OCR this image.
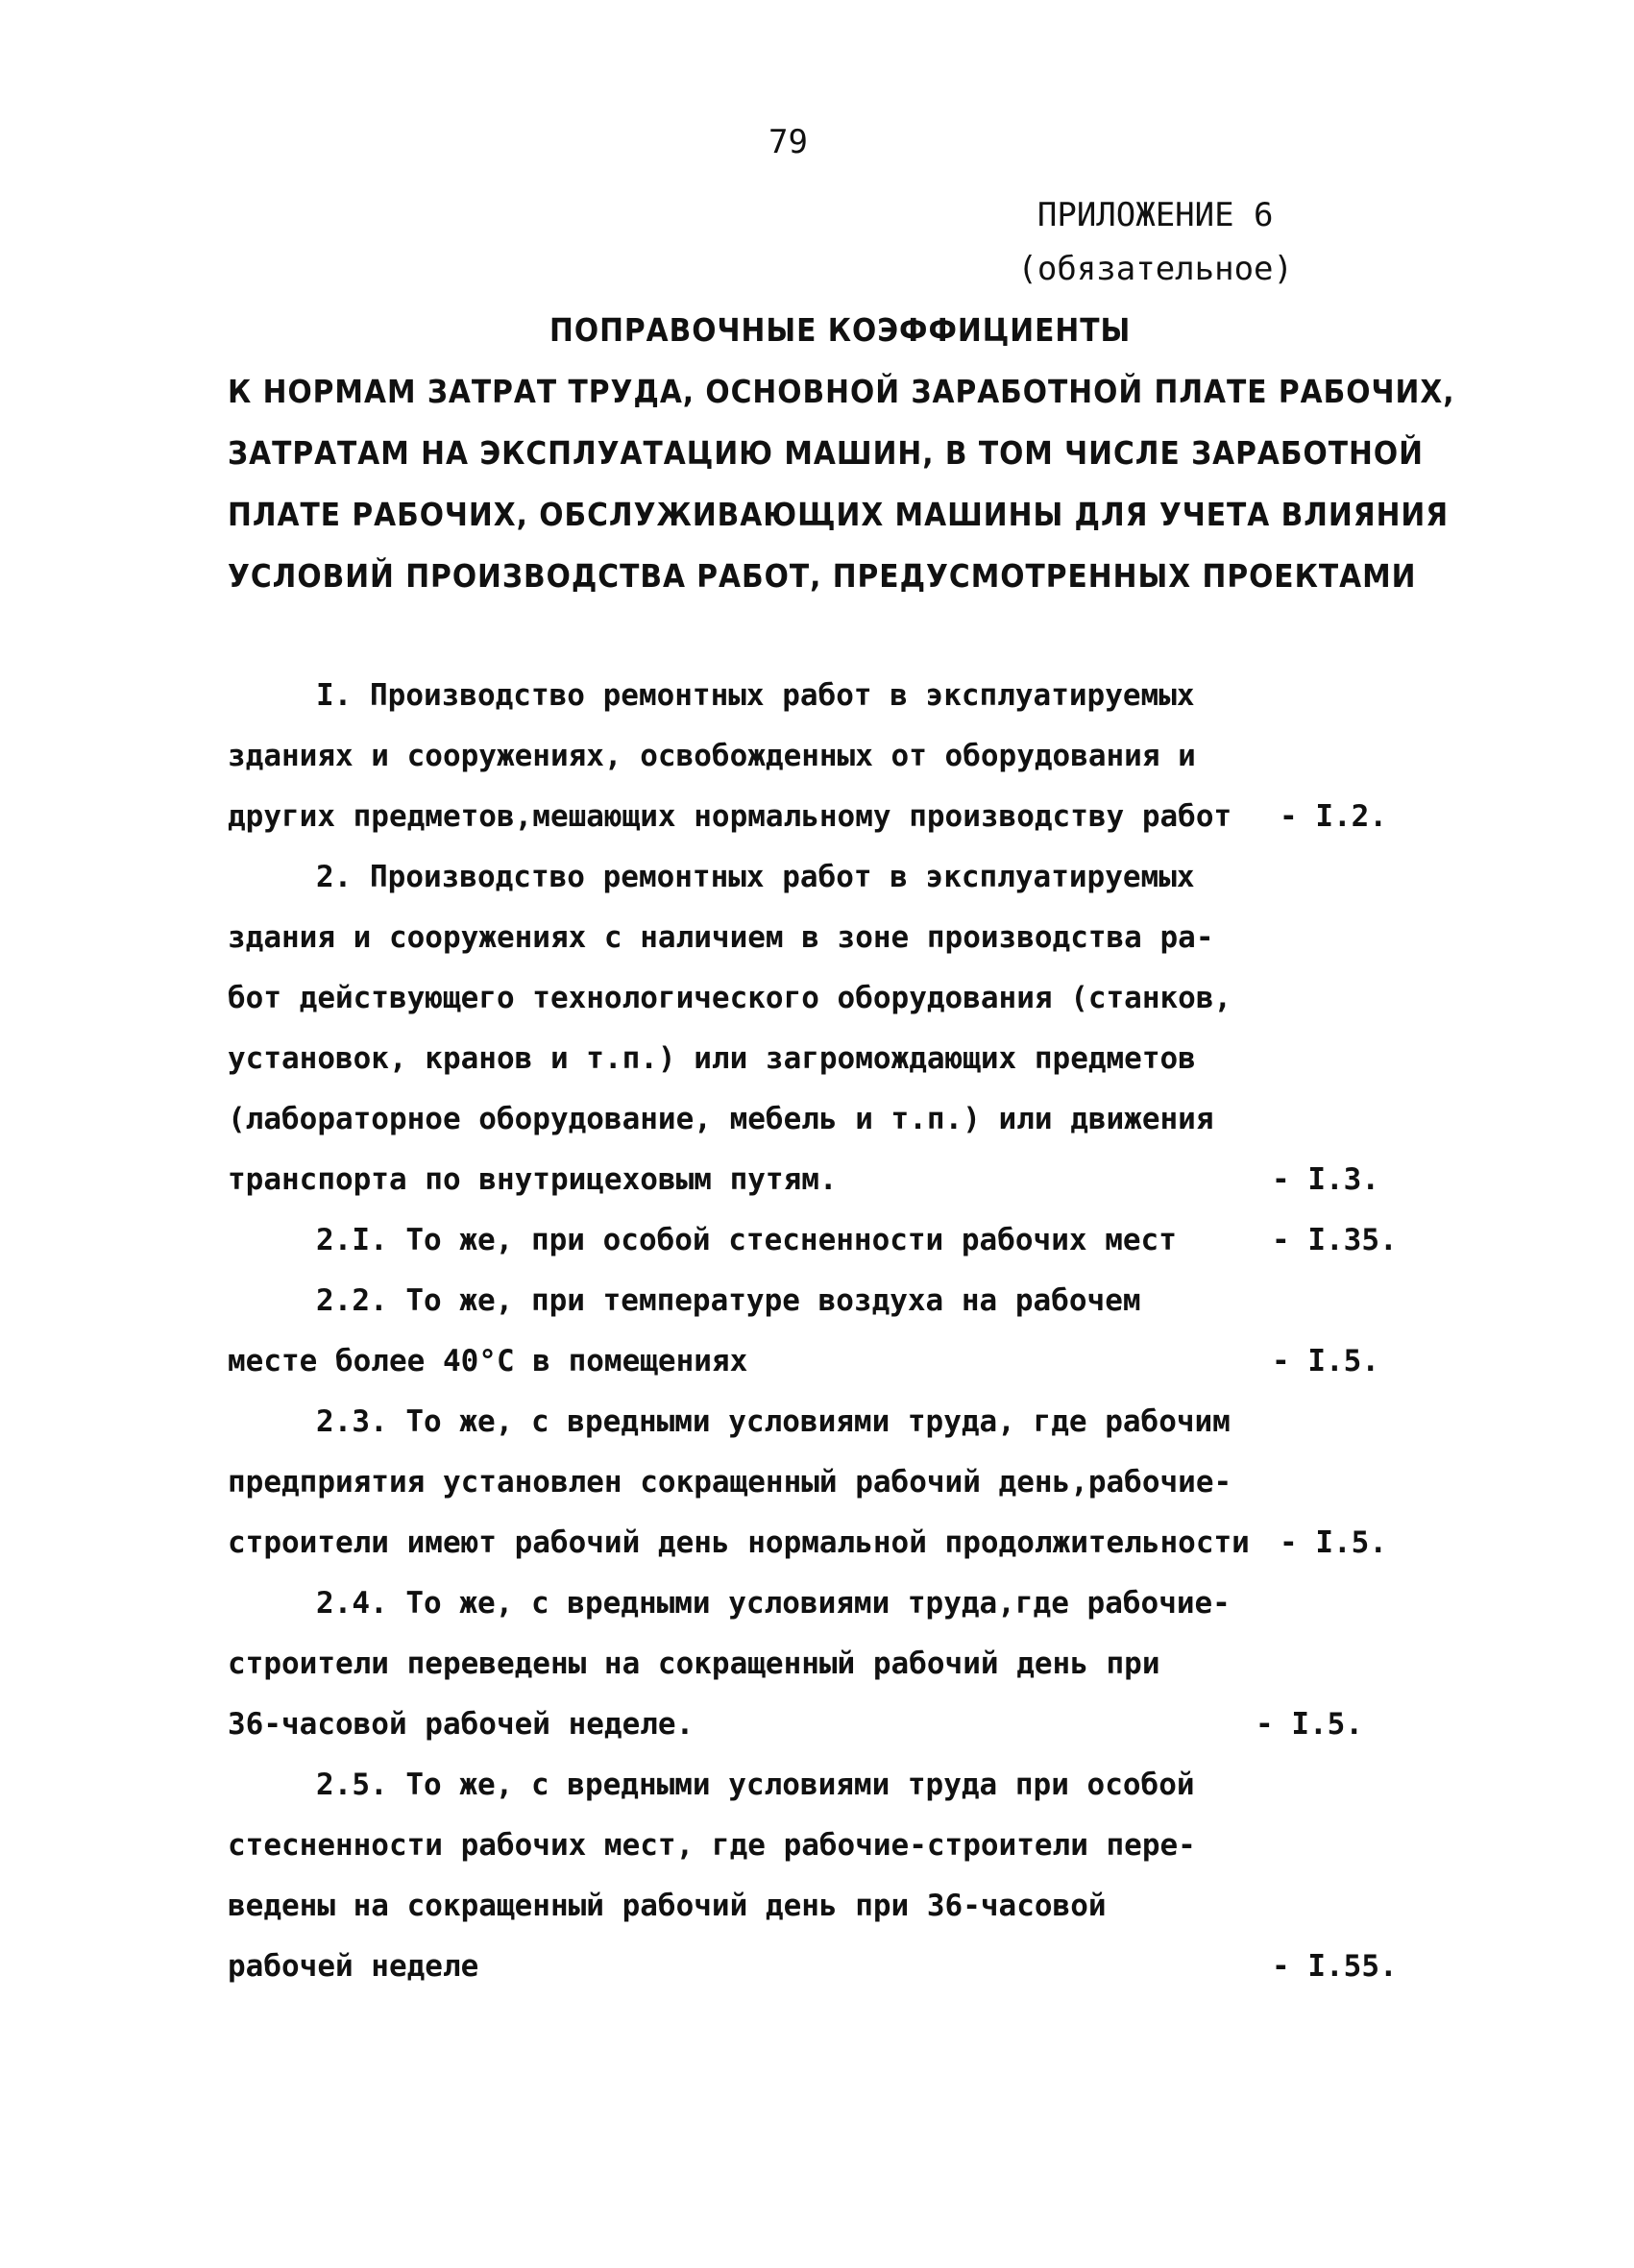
79
ПРИЛОЖЕНИЕ 6
(обязательное)
ПОПРАВОЧНЫЕ КОЭФФИЦИЕНТЫ
К НОРМАМ ЗАТРАТ ТРУДА, ОСНОВНОЙ ЗАРАБОТНОЙ ПЛАТЕ РАБОЧИХ,
ЗАТРАТАМ НА ЭКСПЛУАТАЦИЮ МАШИН, В ТОМ ЧИСЛЕ ЗАРАБОТНОЙ
ПЛАТЕ РАБОЧИХ, ОБСЛУЖИВАЮЩИХ МАШИНЫ ДЛЯ УЧЕТА ВЛИЯНИЯ
УСЛОВИЙ ПРОИЗВОДСТВА РАБОТ, ПРЕДУСМОТРЕННЫХ ПРОЕКТАМИ
I. Производство ремонтных работ в эксплуатируемых
зданиях и сооружениях, освобожденных от оборудования и
других предметов,мешающих нормальному производству работ - I.2.
2. Производство ремонтных работ в эксплуатируемых
здания и сооружениях с наличием в зоне производства ра-
бот действующего технологического оборудования (станков,
установок, кранов и т.п.) или загромождающих предметов
(лабораторное оборудование, мебель и т.п.) или движения
транспорта по внутрицеховым путям.	- I.3.
2.I. То же, при особой стесненности рабочих мест	- I.35.
2.2. То же, при температуре воздуха на рабочем
месте более 40°С в помещениях	- I.5.
2.3. То же, с вредными условиями труда, где рабочим
предприятия установлен сокращенный рабочий день,рабочие-
строители имеют рабочий день нормальной продолжительности - I.5.
2.4. То же, с вредными условиями труда,где рабочие-
строители переведены на сокращенный рабочий день при
36-часовой рабочей неделе.	- I.5.
2.5. То же, с вредными условиями труда при особой
стесненности рабочих мест, где рабочие-строители пере-
ведены на сокращенный рабочий день при 36-часовой
рабочей неделе	- I.55.
